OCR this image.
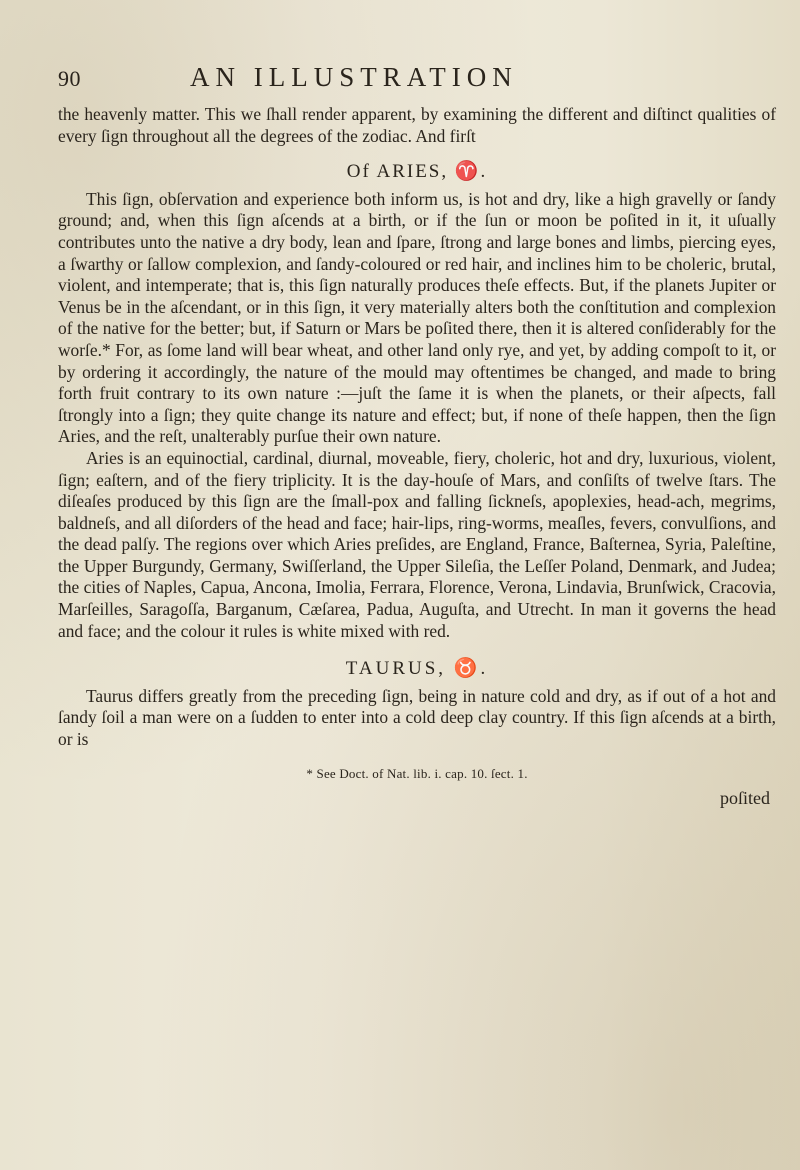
90	AN ILLUSTRATION

the heavenly matter. This we ſhall render apparent, by examining the different and diſtinct qualities of every ſign throughout all the degrees of the zodiac. And firſt

Of ARIES, ♈.

This ſign, obſervation and experience both inform us, is hot and dry, like a high gravelly or ſandy ground; and, when this ſign aſcends at a birth, or if the ſun or moon be poſited in it, it uſually contributes unto the native a dry body, lean and ſpare, ſtrong and large bones and limbs, piercing eyes, a ſwarthy or ſallow complexion, and ſandy-coloured or red hair, and inclines him to be choleric, brutal, violent, and intemperate; that is, this ſign naturally produces theſe effects. But, if the planets Jupiter or Venus be in the aſcendant, or in this ſign, it very materially alters both the conſtitution and complexion of the native for the better; but, if Saturn or Mars be poſited there, then it is altered conſiderably for the worſe.* For, as ſome land will bear wheat, and other land only rye, and yet, by adding compoſt to it, or by ordering it accordingly, the nature of the mould may oftentimes be changed, and made to bring forth fruit contrary to its own nature :—juſt the ſame it is when the planets, or their aſpects, fall ſtrongly into a ſign; they quite change its nature and effect; but, if none of theſe happen, then the ſign Aries, and the reſt, unalterably purſue their own nature.

Aries is an equinoctial, cardinal, diurnal, moveable, fiery, choleric, hot and dry, luxurious, violent, ſign; eaſtern, and of the fiery triplicity. It is the day-houſe of Mars, and conſiſts of twelve ſtars. The diſeaſes produced by this ſign are the ſmall-pox and falling ſickneſs, apoplexies, head-ach, megrims, baldneſs, and all diſorders of the head and face; hair-lips, ring-worms, meaſles, fevers, convulſions, and the dead palſy. The regions over which Aries preſides, are England, France, Baſternea, Syria, Paleſtine, the Upper Burgundy, Germany, Swiſſerland, the Upper Sileſia, the Leſſer Poland, Denmark, and Judea; the cities of Naples, Capua, Ancona, Imolia, Ferrara, Florence, Verona, Lindavia, Brunſwick, Cracovia, Marſeilles, Saragoſſa, Barganum, Cæſarea, Padua, Auguſta, and Utrecht. In man it governs the head and face; and the colour it rules is white mixed with red.

TAURUS, ♉.

Taurus differs greatly from the preceding ſign, being in nature cold and dry, as if out of a hot and ſandy ſoil a man were on a ſudden to enter into a cold deep clay country. If this ſign aſcends at a birth, or is

* See Doct. of Nat. lib. i. cap. 10. ſect. 1.

poſited
